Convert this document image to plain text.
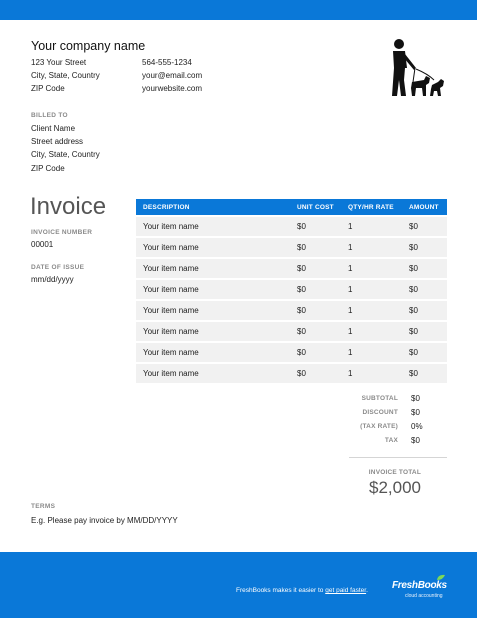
Your company name
123 Your Street
City, State, Country
ZIP Code
564-555-1234
your@email.com
yourwebsite.com
BILLED TO
Client Name
Street address
City, State, Country
ZIP Code
Invoice
INVOICE NUMBER
00001
DATE OF ISSUE
mm/dd/yyyy
DESCRIPTION	UNIT COST	QTY/HR RATE	AMOUNT
Your item name	$0	1	$0
Your item name	$0	1	$0
Your item name	$0	1	$0
Your item name	$0	1	$0
Your item name	$0	1	$0
Your item name	$0	1	$0
Your item name	$0	1	$0
Your item name	$0	1	$0
SUBTOTAL $0
DISCOUNT $0
(TAX RATE) 0%
TAX $0
INVOICE TOTAL
$2,000
TERMS
E.g. Please pay invoice by MM/DD/YYYY
FreshBooks makes it easier to get paid faster. FreshBooks
cloud accounting
